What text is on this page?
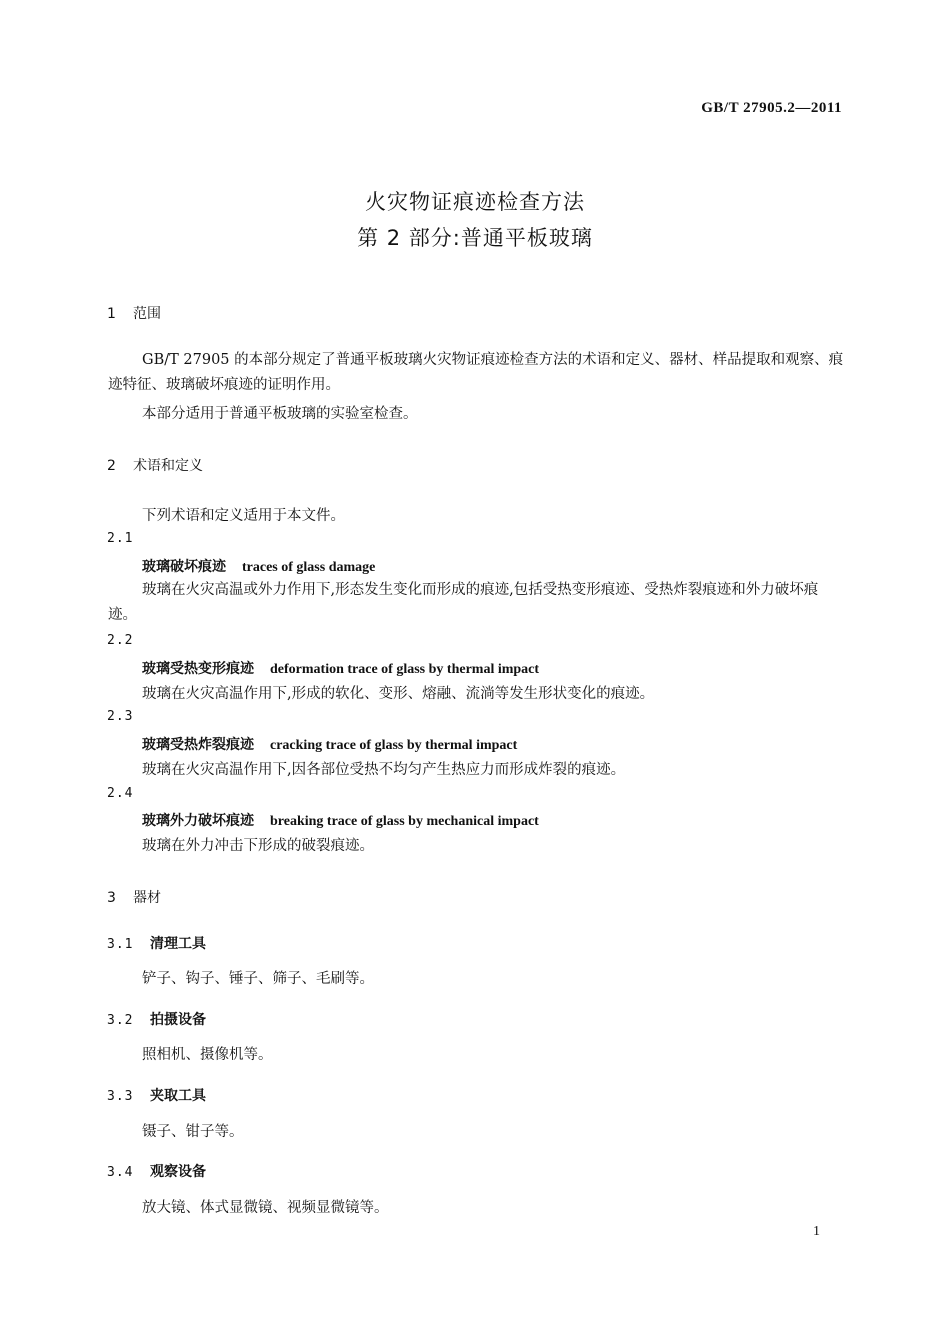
GB/T 27905.2—2011
火灾物证痕迹检查方法
第 2 部分:普通平板玻璃
1 范围
GB/T 27905 的本部分规定了普通平板玻璃火灾物证痕迹检查方法的术语和定义、器材、样品提取和观察、痕迹特征、玻璃破坏痕迹的证明作用。
本部分适用于普通平板玻璃的实验室检查。
2 术语和定义
下列术语和定义适用于本文件。
2.1
玻璃破坏痕迹 traces of glass damage
玻璃在火灾高温或外力作用下,形态发生变化而形成的痕迹,包括受热变形痕迹、受热炸裂痕迹和外力破坏痕迹。
2.2
玻璃受热变形痕迹 deformation trace of glass by thermal impact
玻璃在火灾高温作用下,形成的软化、变形、熔融、流淌等发生形状变化的痕迹。
2.3
玻璃受热炸裂痕迹 cracking trace of glass by thermal impact
玻璃在火灾高温作用下,因各部位受热不均匀产生热应力而形成炸裂的痕迹。
2.4
玻璃外力破坏痕迹 breaking trace of glass by mechanical impact
玻璃在外力冲击下形成的破裂痕迹。
3 器材
3.1 清理工具
铲子、钩子、锤子、筛子、毛刷等。
3.2 拍摄设备
照相机、摄像机等。
3.3 夹取工具
镊子、钳子等。
3.4 观察设备
放大镜、体式显微镜、视频显微镜等。
1
